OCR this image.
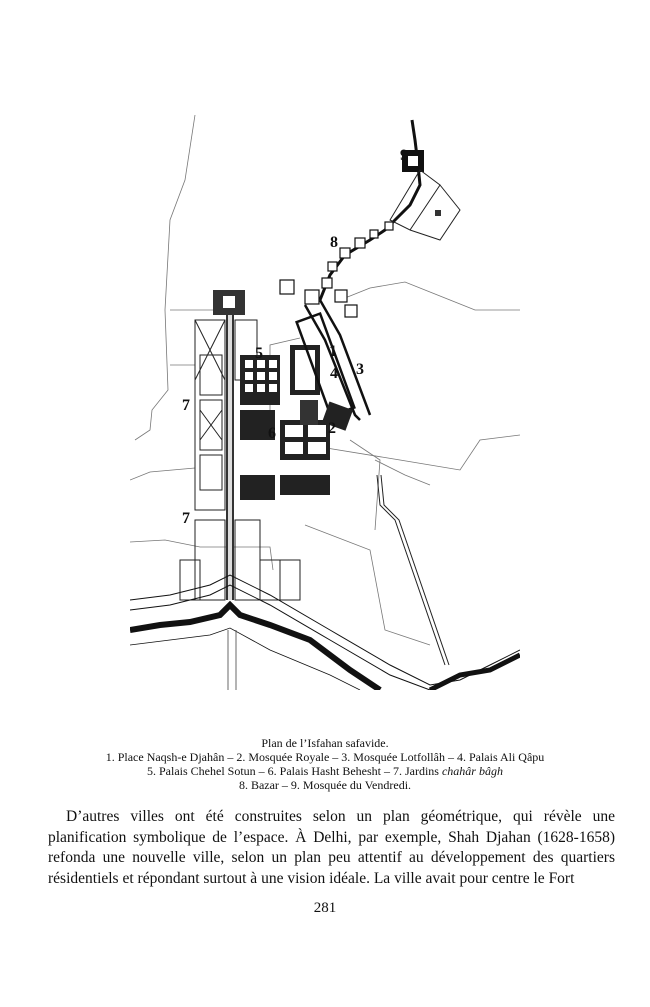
1
2
3
4
5
6
7
7
8
9
Plan de l’Isfahan safavide.
1. Place Naqsh-e Djahân – 2. Mosquée Royale – 3. Mosquée Lotfollâh – 4. Palais Ali Qâpu
5. Palais Chehel Sotun – 6. Palais Hasht Behesht – 7. Jardins chahâr bâgh
8. Bazar – 9. Mosquée du Vendredi.

D’autres villes ont été construites selon un plan géométrique, qui révèle une planification symbolique de l’espace. À Delhi, par exemple, Shah Djahan (1628-1658) refonda une nouvelle ville, selon un plan peu attentif au développement des quartiers résidentiels et répondant surtout à une vision idéale. La ville avait pour centre le Fort

281
